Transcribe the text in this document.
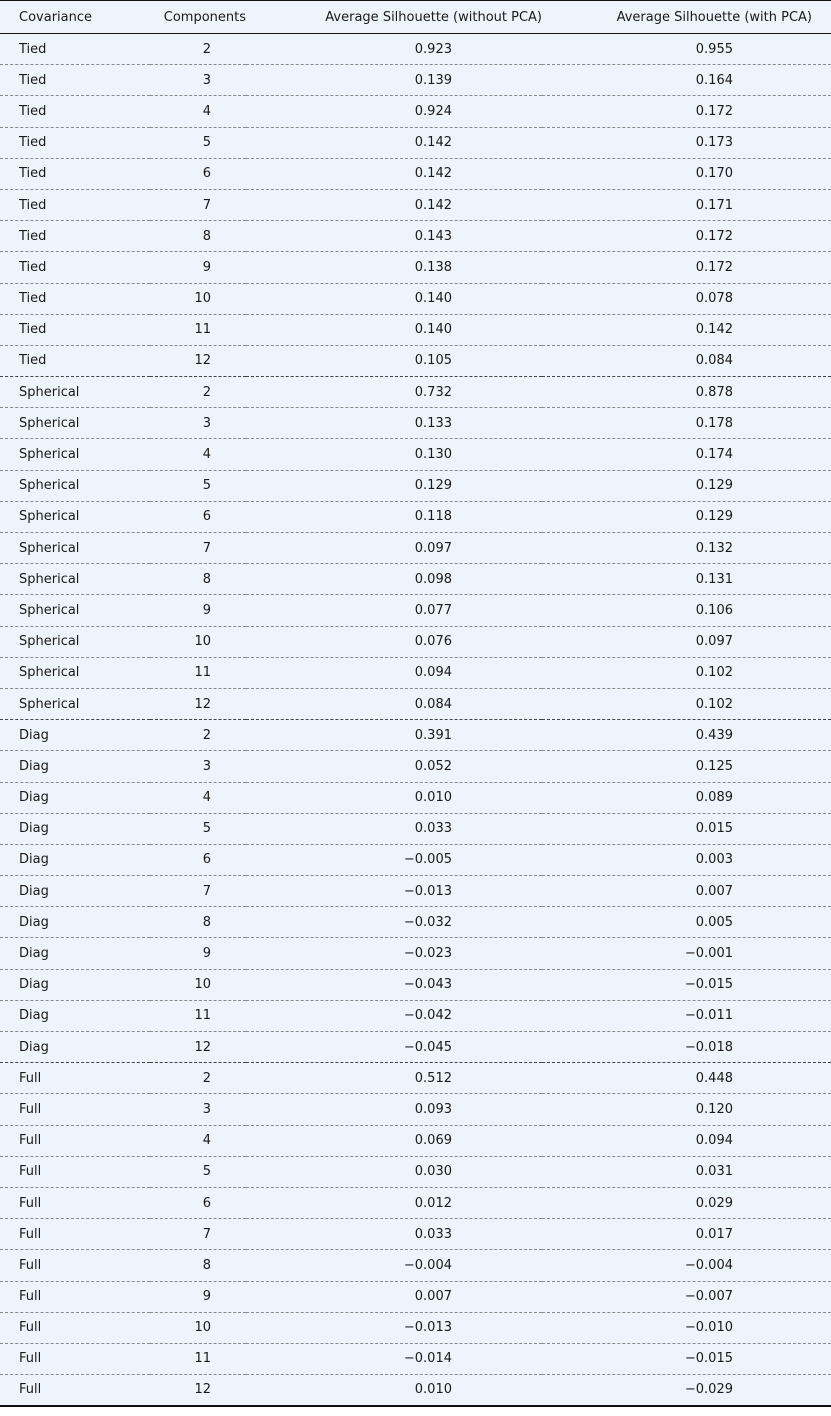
Covariance	Components	Average Silhouette (without PCA)	Average Silhouette (with PCA)
Tied	2	0.923	0.955
Tied	3	0.139	0.164
Tied	4	0.924	0.172
Tied	5	0.142	0.173
Tied	6	0.142	0.170
Tied	7	0.142	0.171
Tied	8	0.143	0.172
Tied	9	0.138	0.172
Tied	10	0.140	0.078
Tied	11	0.140	0.142
Tied	12	0.105	0.084
Spherical	2	0.732	0.878
Spherical	3	0.133	0.178
Spherical	4	0.130	0.174
Spherical	5	0.129	0.129
Spherical	6	0.118	0.129
Spherical	7	0.097	0.132
Spherical	8	0.098	0.131
Spherical	9	0.077	0.106
Spherical	10	0.076	0.097
Spherical	11	0.094	0.102
Spherical	12	0.084	0.102
Diag	2	0.391	0.439
Diag	3	0.052	0.125
Diag	4	0.010	0.089
Diag	5	0.033	0.015
Diag	6	−0.005	0.003
Diag	7	−0.013	0.007
Diag	8	−0.032	0.005
Diag	9	−0.023	−0.001
Diag	10	−0.043	−0.015
Diag	11	−0.042	−0.011
Diag	12	−0.045	−0.018
Full	2	0.512	0.448
Full	3	0.093	0.120
Full	4	0.069	0.094
Full	5	0.030	0.031
Full	6	0.012	0.029
Full	7	0.033	0.017
Full	8	−0.004	−0.004
Full	9	0.007	−0.007
Full	10	−0.013	−0.010
Full	11	−0.014	−0.015
Full	12	0.010	−0.029
